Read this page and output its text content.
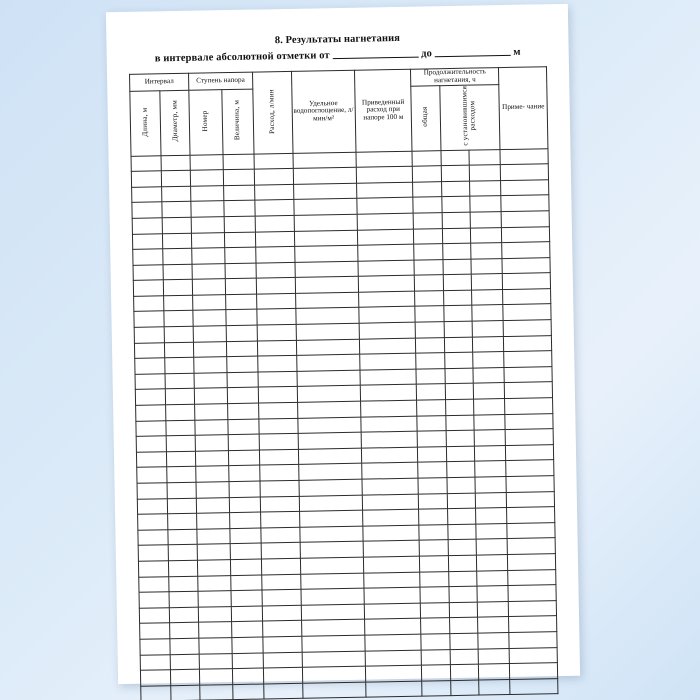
8. Результаты нагнетания
в интервале абсолютной отметки от	до	м
Интервал		Ступень напора		Расход, л/мин	Удельное водопоглощение, л/мин/м²	Приведенный расход при напоре 100 м	Продолжительность нагнетания, ч			Приме- чание
Длина, м	Диаметр, мм	Номер	Величина, м				общая	с установившимся расходом		
